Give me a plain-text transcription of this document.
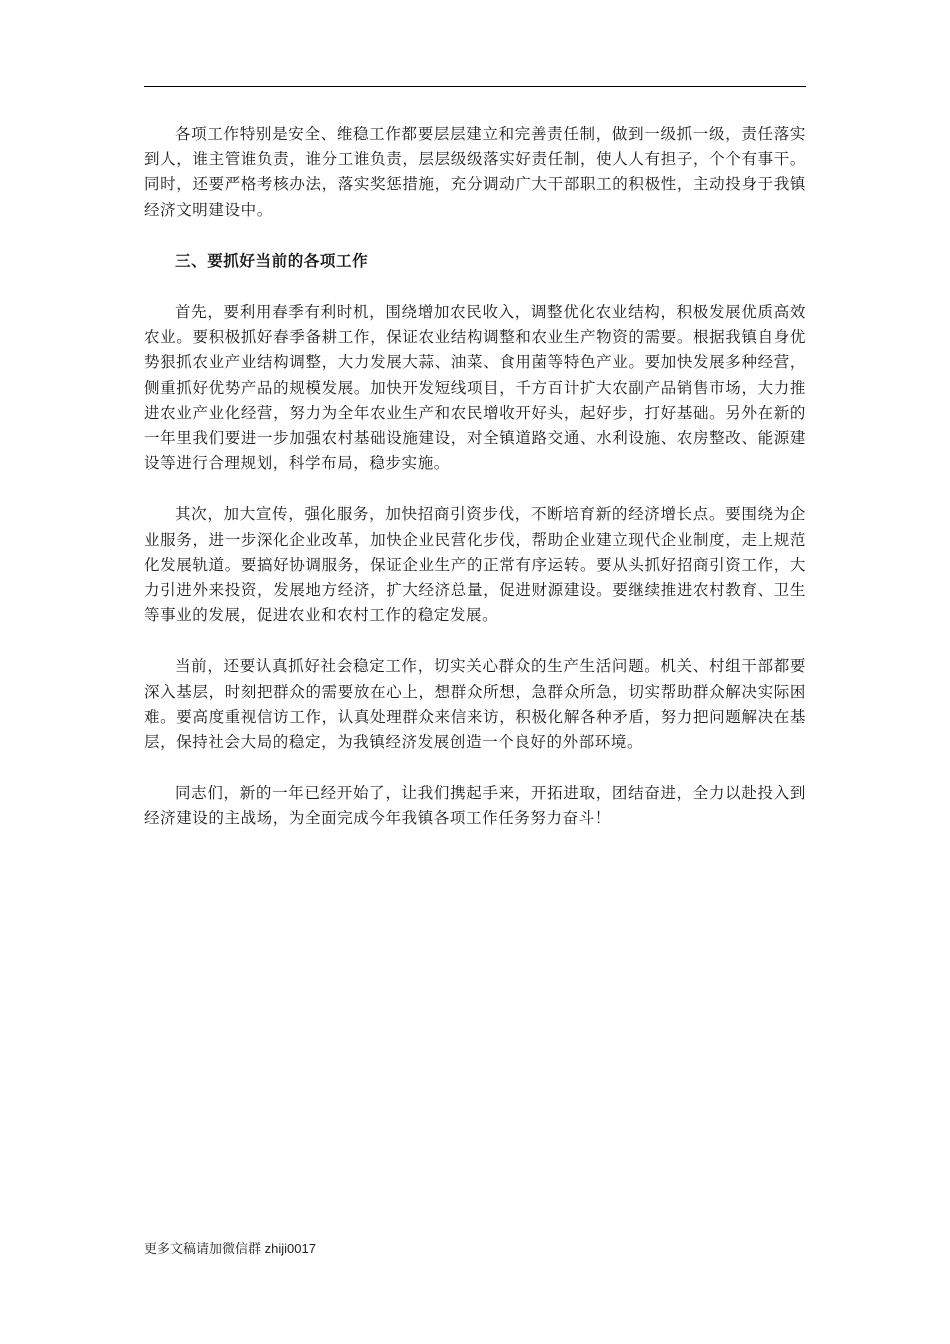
各项工作特别是安全、维稳工作都要层层建立和完善责任制，做到一级抓一级，责任落实到人，谁主管谁负责，谁分工谁负责，层层级级落实好责任制，使人人有担子，个个有事干。同时，还要严格考核办法，落实奖惩措施，充分调动广大干部职工的积极性，主动投身于我镇经济文明建设中。

三、要抓好当前的各项工作

首先，要利用春季有利时机，围绕增加农民收入，调整优化农业结构，积极发展优质高效农业。要积极抓好春季备耕工作，保证农业结构调整和农业生产物资的需要。根据我镇自身优势狠抓农业产业结构调整，大力发展大蒜、油菜、食用菌等特色产业。要加快发展多种经营，侧重抓好优势产品的规模发展。加快开发短线项目，千方百计扩大农副产品销售市场，大力推进农业产业化经营，努力为全年农业生产和农民增收开好头，起好步，打好基础。另外在新的一年里我们要进一步加强农村基础设施建设，对全镇道路交通、水利设施、农房整改、能源建设等进行合理规划，科学布局，稳步实施。

其次，加大宣传，强化服务，加快招商引资步伐，不断培育新的经济增长点。要围绕为企业服务，进一步深化企业改革，加快企业民营化步伐，帮助企业建立现代企业制度，走上规范化发展轨道。要搞好协调服务，保证企业生产的正常有序运转。要从头抓好招商引资工作，大力引进外来投资，发展地方经济，扩大经济总量，促进财源建设。要继续推进农村教育、卫生等事业的发展，促进农业和农村工作的稳定发展。

当前，还要认真抓好社会稳定工作，切实关心群众的生产生活问题。机关、村组干部都要深入基层，时刻把群众的需要放在心上，想群众所想，急群众所急，切实帮助群众解决实际困难。要高度重视信访工作，认真处理群众来信来访，积极化解各种矛盾，努力把问题解决在基层，保持社会大局的稳定，为我镇经济发展创造一个良好的外部环境。

同志们，新的一年已经开始了，让我们携起手来，开拓进取，团结奋进，全力以赴投入到经济建设的主战场，为全面完成今年我镇各项工作任务努力奋斗！

更多文稿请加微信群 zhiji0017
